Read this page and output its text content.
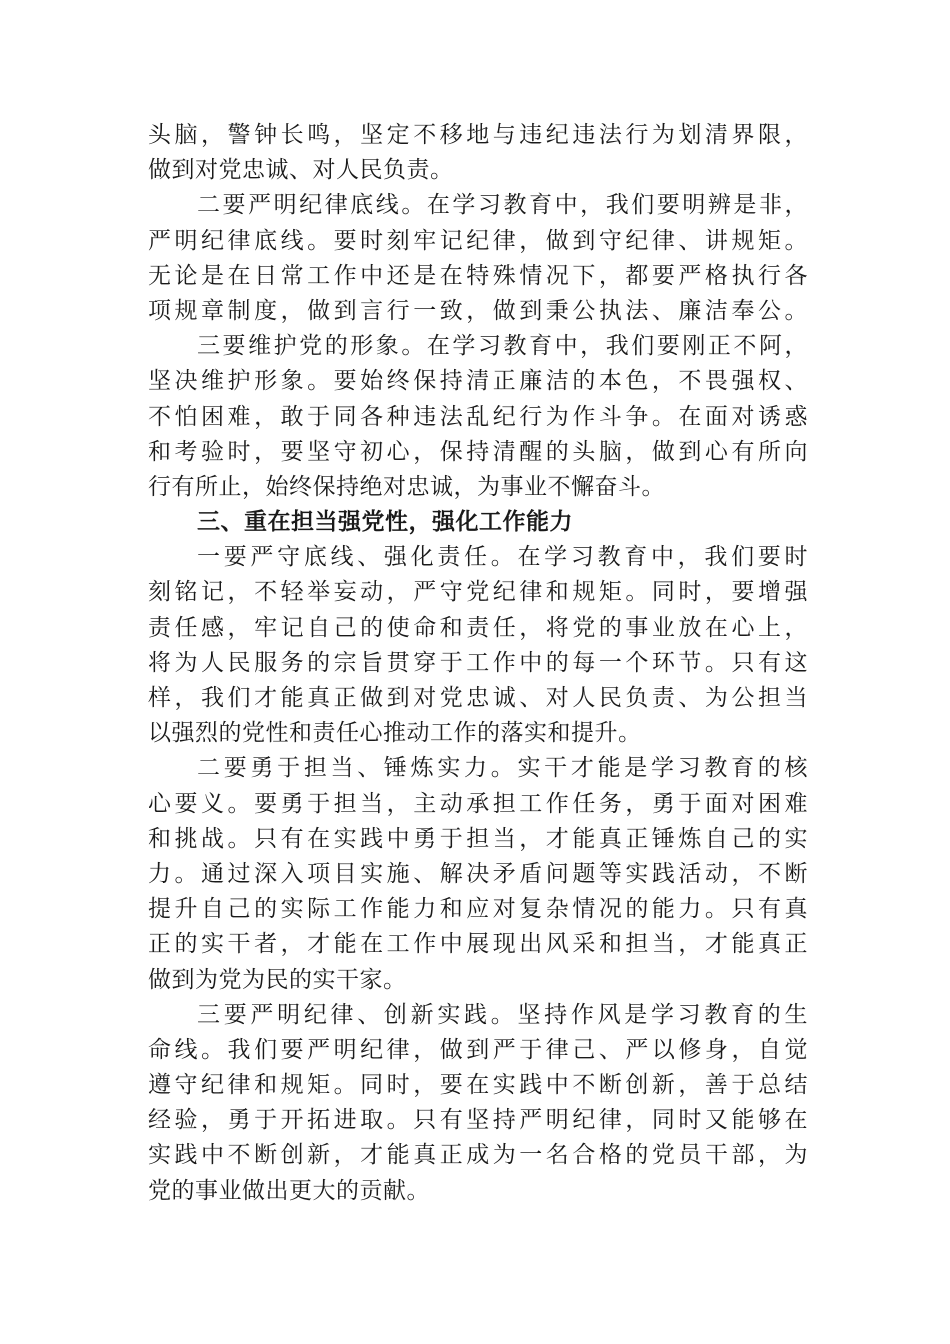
头脑，警钟长鸣，坚定不移地与违纪违法行为划清界限，
做到对党忠诚、对人民负责。
二要严明纪律底线。在学习教育中，我们要明辨是非，
严明纪律底线。要时刻牢记纪律，做到守纪律、讲规矩。
无论是在日常工作中还是在特殊情况下，都要严格执行各
项规章制度，做到言行一致，做到秉公执法、廉洁奉公。
三要维护党的形象。在学习教育中，我们要刚正不阿，
坚决维护形象。要始终保持清正廉洁的本色，不畏强权、
不怕困难，敢于同各种违法乱纪行为作斗争。在面对诱惑
和考验时，要坚守初心，保持清醒的头脑，做到心有所向
行有所止，始终保持绝对忠诚，为事业不懈奋斗。
三、重在担当强党性，强化工作能力
一要严守底线、强化责任。在学习教育中，我们要时
刻铭记，不轻举妄动，严守党纪律和规矩。同时，要增强
责任感，牢记自己的使命和责任，将党的事业放在心上，
将为人民服务的宗旨贯穿于工作中的每一个环节。只有这
样，我们才能真正做到对党忠诚、对人民负责、为公担当
以强烈的党性和责任心推动工作的落实和提升。
二要勇于担当、锤炼实力。实干才能是学习教育的核
心要义。要勇于担当，主动承担工作任务，勇于面对困难
和挑战。只有在实践中勇于担当，才能真正锤炼自己的实
力。通过深入项目实施、解决矛盾问题等实践活动，不断
提升自己的实际工作能力和应对复杂情况的能力。只有真
正的实干者，才能在工作中展现出风采和担当，才能真正
做到为党为民的实干家。
三要严明纪律、创新实践。坚持作风是学习教育的生
命线。我们要严明纪律，做到严于律己、严以修身，自觉
遵守纪律和规矩。同时，要在实践中不断创新，善于总结
经验，勇于开拓进取。只有坚持严明纪律，同时又能够在
实践中不断创新，才能真正成为一名合格的党员干部，为
党的事业做出更大的贡献。
